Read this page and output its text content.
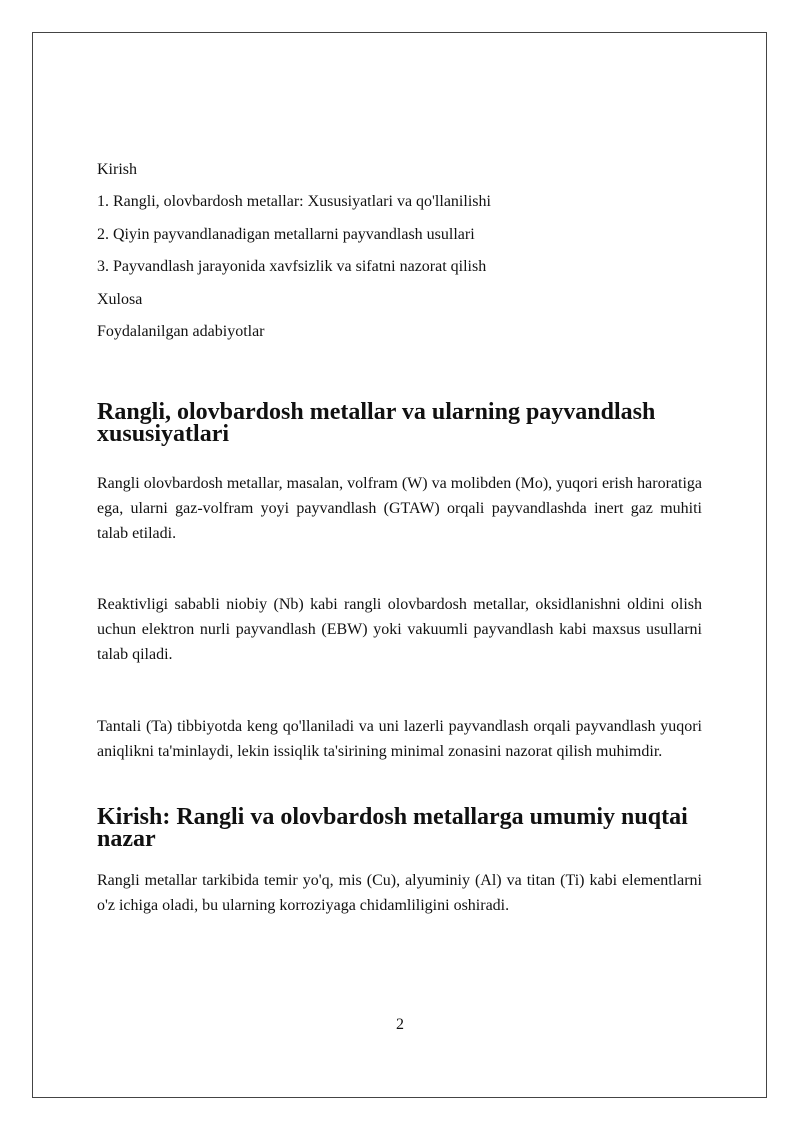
Kirish
1. Rangli, olovbardosh metallar: Xususiyatlari va qo'llanilishi
2. Qiyin payvandlanadigan metallarni payvandlash usullari
3. Payvandlash jarayonida xavfsizlik va sifatni nazorat qilish
Xulosa
Foydalanilgan adabiyotlar
Rangli, olovbardosh metallar va ularning payvandlash xususiyatlari

Rangli olovbardosh metallar, masalan, volfram (W) va molibden (Mo), yuqori erish haroratiga ega, ularni gaz-volfram yoyi payvandlash (GTAW) orqali payvandlashda inert gaz muhiti talab etiladi.

Reaktivligi sababli niobiy (Nb) kabi rangli olovbardosh metallar, oksidlanishni oldini olish uchun elektron nurli payvandlash (EBW) yoki vakuumli payvandlash kabi maxsus usullarni talab qiladi.

Tantali (Ta) tibbiyotda keng qo'llaniladi va uni lazerli payvandlash orqali payvandlash yuqori aniqlikni ta'minlaydi, lekin issiqlik ta'sirining minimal zonasini nazorat qilish muhimdir.

Kirish: Rangli va olovbardosh metallarga umumiy nuqtai nazar

Rangli metallar tarkibida temir yo'q, mis (Cu), alyuminiy (Al) va titan (Ti) kabi elementlarni o'z ichiga oladi, bu ularning korroziyaga chidamliligini oshiradi.

2
